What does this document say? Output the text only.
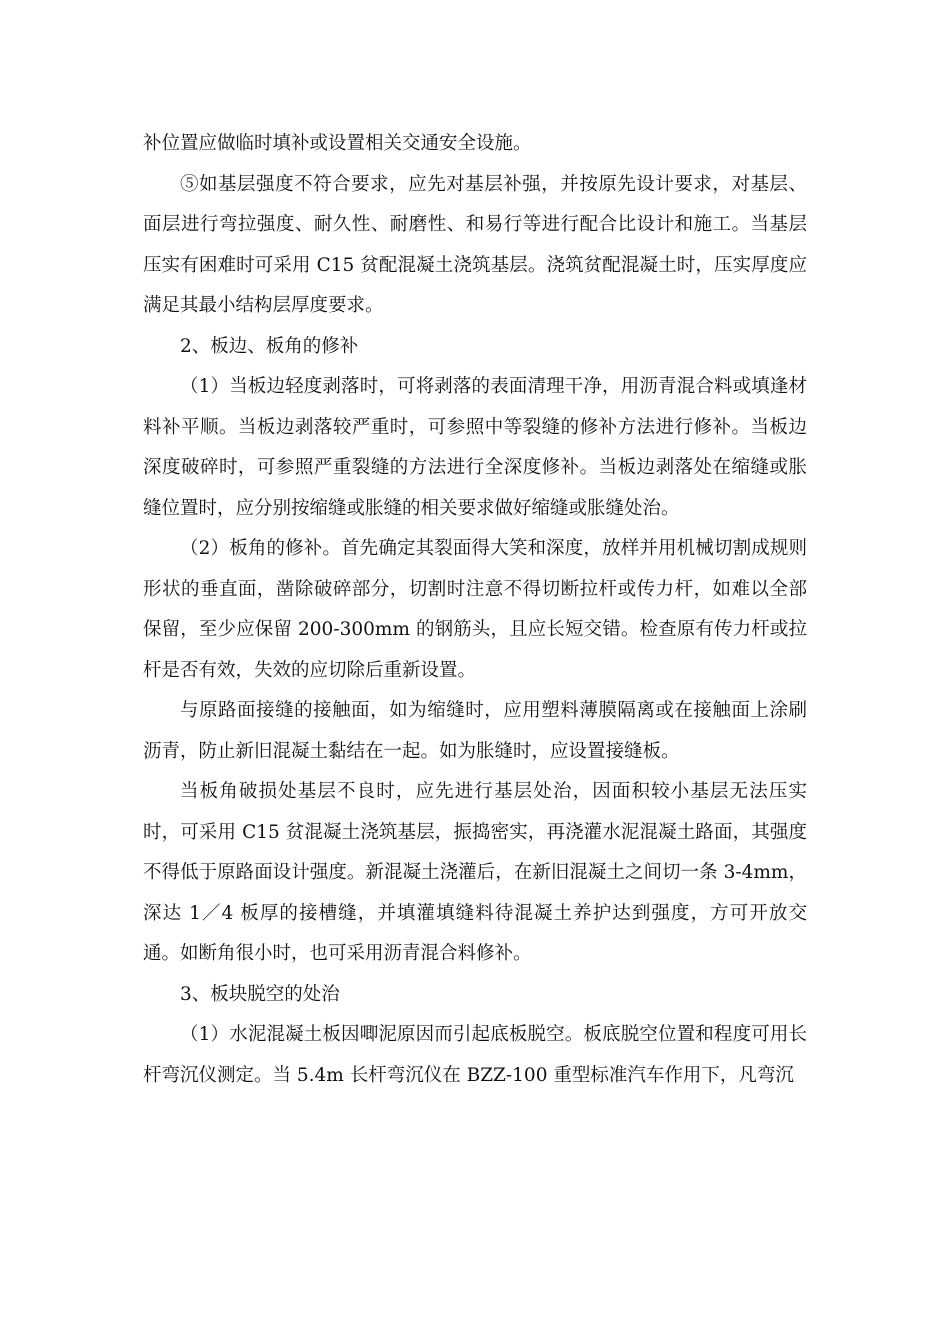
补位置应做临时填补或设置相关交通安全设施。

⑤如基层强度不符合要求，应先对基层补强，并按原先设计要求，对基层、面层进行弯拉强度、耐久性、耐磨性、和易行等进行配合比设计和施工。当基层压实有困难时可采用 C15 贫配混凝土浇筑基层。浇筑贫配混凝土时，压实厚度应满足其最小结构层厚度要求。

2、板边、板角的修补

（1）当板边轻度剥落时，可将剥落的表面清理干净，用沥青混合料或填逢材料补平顺。当板边剥落较严重时，可参照中等裂缝的修补方法进行修补。当板边深度破碎时，可参照严重裂缝的方法进行全深度修补。当板边剥落处在缩缝或胀缝位置时，应分别按缩缝或胀缝的相关要求做好缩缝或胀缝处治。

（2）板角的修补。首先确定其裂面得大笑和深度，放样并用机械切割成规则形状的垂直面，凿除破碎部分，切割时注意不得切断拉杆或传力杆，如难以全部保留，至少应保留 200-300mm 的钢筋头，且应长短交错。检查原有传力杆或拉杆是否有效，失效的应切除后重新设置。

与原路面接缝的接触面，如为缩缝时，应用塑料薄膜隔离或在接触面上涂刷沥青，防止新旧混凝土黏结在一起。如为胀缝时，应设置接缝板。

当板角破损处基层不良时，应先进行基层处治，因面积较小基层无法压实时，可采用 C15 贫混凝土浇筑基层，振捣密实，再浇灌水泥混凝土路面，其强度不得低于原路面设计强度。新混凝土浇灌后，在新旧混凝土之间切一条 3-4mm，深达 1／4 板厚的接槽缝，并填灌填缝料待混凝土养护达到强度，方可开放交通。如断角很小时，也可采用沥青混合料修补。

3、板块脱空的处治

（1）水泥混凝土板因唧泥原因而引起底板脱空。板底脱空位置和程度可用长杆弯沉仪测定。当 5.4m 长杆弯沉仪在 BZZ-100 重型标准汽车作用下，凡弯沉
